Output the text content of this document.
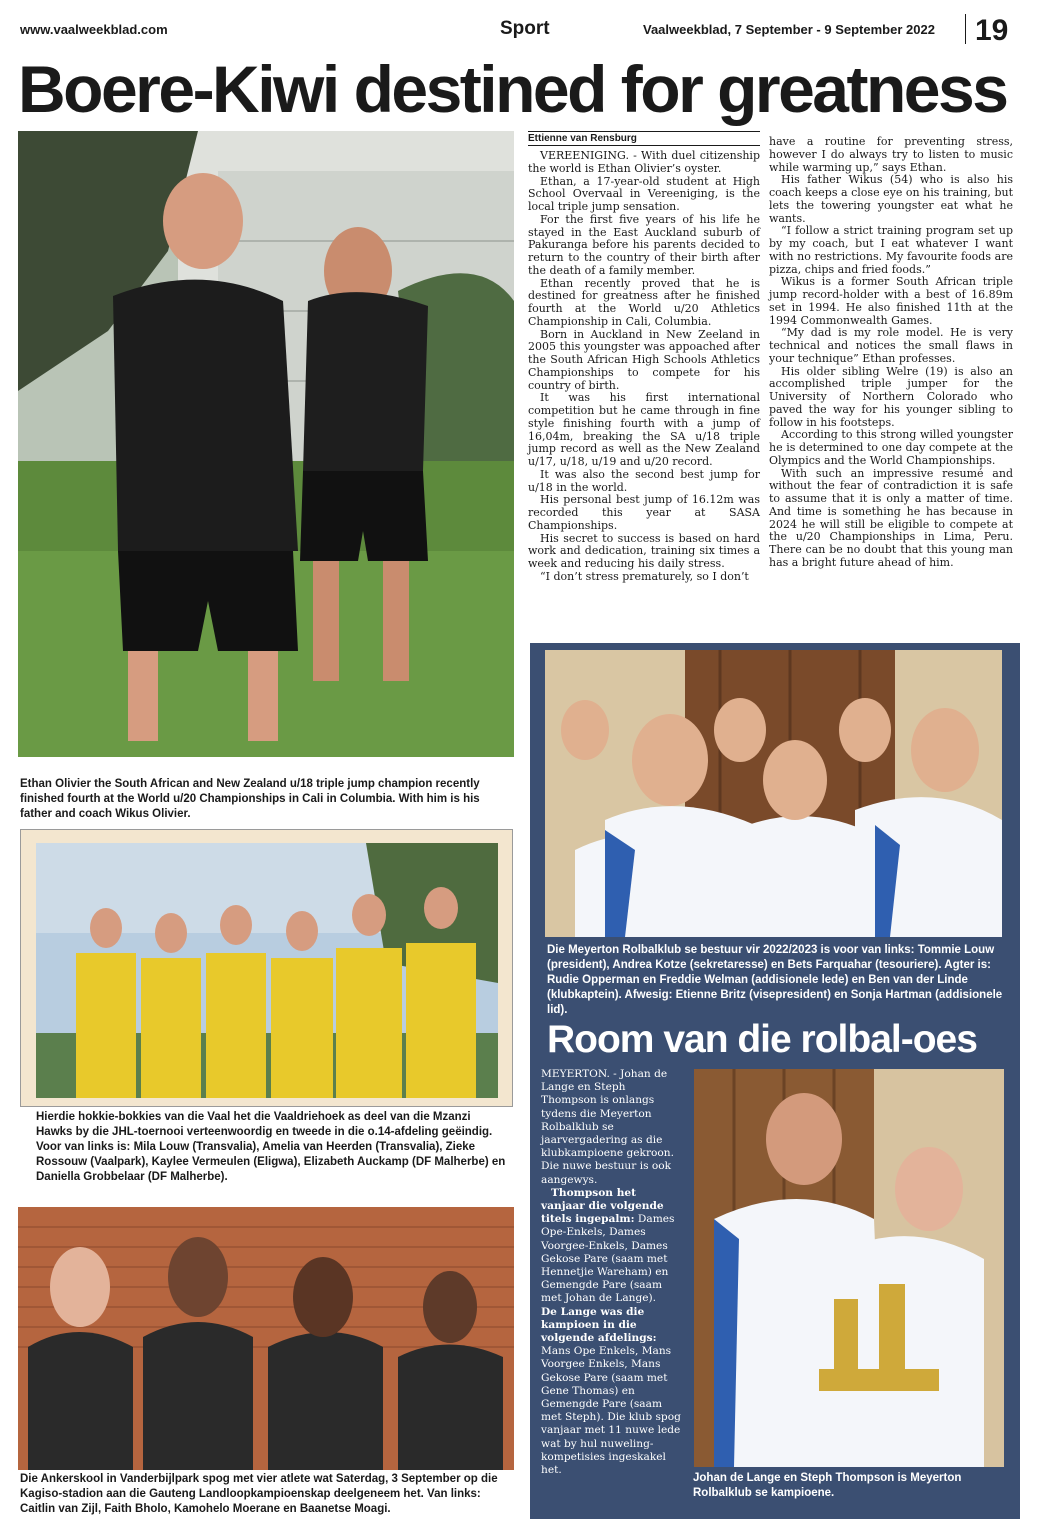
www.vaalweekblad.com	Sport	Vaalweekblad, 7 September - 9 September 2022 19
Boere-Kiwi destined for greatness
Ethan Olivier the South African and New Zealand u/18 triple jump champion recently finished fourth at the World u/20 Championships in Cali in Columbia. With him is his father and coach Wikus Olivier.
Ettienne van Rensburg

VEREENIGING. - With duel citizenship the world is Ethan Olivier’s oyster.

Ethan, a 17-year-old student at High School Overvaal in Vereeniging, is the local triple jump sensation.

For the first five years of his life he stayed in the East Auckland suburb of Pakuranga before his parents decided to return to the country of their birth after the death of a family member.

Ethan recently proved that he is destined for greatness after he finished fourth at the World u/20 Athletics Championship in Cali, Columbia.

Born in Auckland in New Zeeland in 2005 this youngster was appoached after the South African High Schools Athletics Championships to compete for his country of birth.

It was his first international competition but he came through in fine style finishing fourth with a jump of 16,04m, breaking the SA u/18 triple jump record as well as the New Zealand u/17, u/18, u/19 and u/20 record.

It was also the second best jump for u/18 in the world.

His personal best jump of 16.12m was recorded this year at SASA Championships.

His secret to success is based on hard work and dedication, training six times a week and reducing his daily stress.

“I don’t stress prematurely, so I don’t

have a routine for preventing stress, however I do always try to listen to music while warming up,” says Ethan.

His father Wikus (54) who is also his coach keeps a close eye on his training, but lets the towering youngster eat what he wants.

“I follow a strict training program set up by my coach, but I eat whatever I want with no restrictions. My favourite foods are pizza, chips and fried foods.”

Wikus is a former South African triple jump record-holder with a best of 16.89m set in 1994. He also finished 11th at the 1994 Commonwealth Games.

“My dad is my role model. He is very technical and notices the small flaws in your technique” Ethan professes.

His older sibling Welre (19) is also an accomplished triple jumper for the University of Northern Colorado who paved the way for his younger sibling to follow in his footsteps.

According to this strong willed youngster he is determined to one day compete at the Olympics and the World Championships.

With such an impressive resumé and without the fear of contradiction it is safe to assume that it is only a matter of time. And time is something he has because in 2024 he will still be eligible to compete at the u/20 Championships in Lima, Peru. There can be no doubt that this young man has a bright future ahead of him.

Hierdie hokkie-bokkies van die Vaal het die Vaaldriehoek as deel van die Mzanzi Hawks by die JHL-toernooi verteenwoordig en tweede in die o.14-afdeling geëindig. Voor van links is: Mila Louw (Transvalia), Amelia van Heerden (Transvalia), Zieke Rossouw (Vaalpark), Kaylee Vermeulen (Eligwa), Elizabeth Auckamp (DF Malherbe) en Daniella Grobbelaar (DF Malherbe).
Die Ankerskool in Vanderbijlpark spog met vier atlete wat Saterdag, 3 September op die Kagiso-stadion aan die Gauteng Landloopkampioenskap deelgeneem het. Van links: Caitlin van Zijl, Faith Bholo, Kamohelo Moerane en Baanetse Moagi.
Die Meyerton Rolbalklub se bestuur vir 2022/2023 is voor van links: Tommie Louw (president), Andrea Kotze (sekretaresse) en Bets Farquahar (tesouriere). Agter is: Rudie Opperman en Freddie Welman (addisionele lede) en Ben van der Linde (klubkaptein). Afwesig: Etienne Britz (visepresident) en Sonja Hartman (addisionele lid).
Room van die rolbal-oes

MEYERTON. - Johan de Lange en Steph Thompson is onlangs tydens die Meyerton Rolbalklub se jaarvergadering as die klubkampioene gekroon. Die nuwe bestuur is ook aangewys.

Thompson het vanjaar die volgende titels ingepalm: Dames Ope-Enkels, Dames Voorgee-Enkels, Dames Gekose Pare (saam met Hennetjie Wareham) en Gemengde Pare (saam met Johan de Lange).

De Lange was die kampioen in die volgende afdelings: Mans Ope Enkels, Mans Voorgee Enkels, Mans Gekose Pare (saam met Gene Thomas) en Gemengde Pare (saam met Steph). Die klub spog vanjaar met 11 nuwe lede wat by hul nuweling-kompetisies ingeskakel het.

Johan de Lange en Steph Thompson is Meyerton Rolbalklub se kampioene.
